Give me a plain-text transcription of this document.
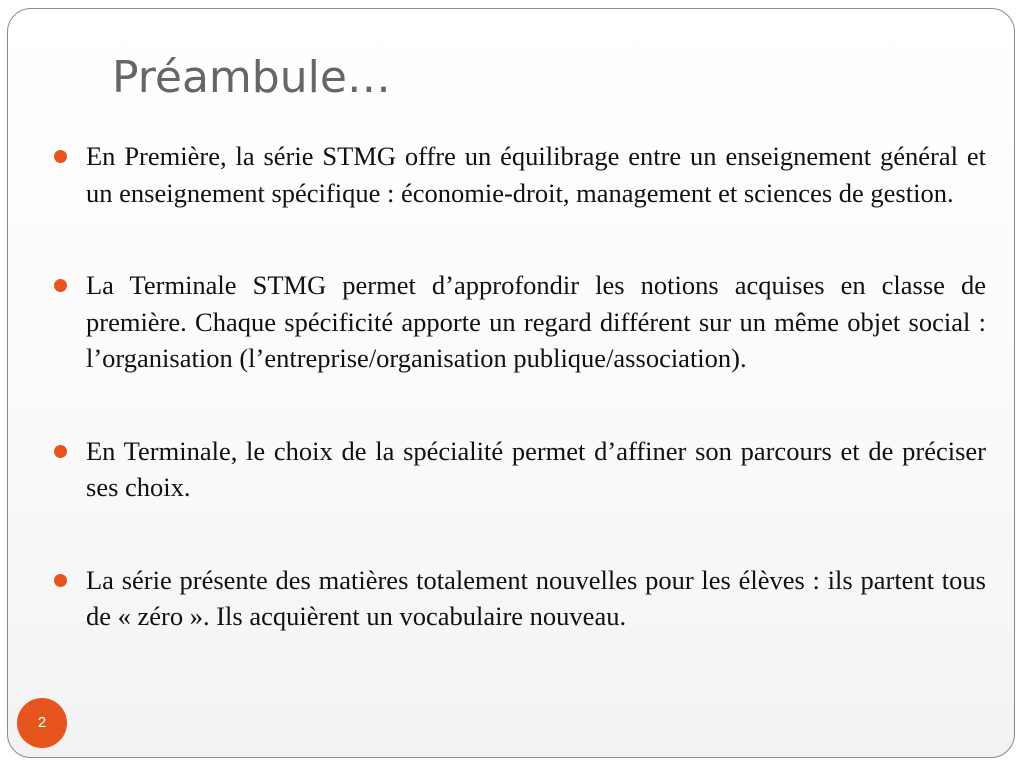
Préambule…
En Première, la série STMG offre un équilibrage entre un enseignement général et un enseignement spécifique : économie-droit, management et sciences de gestion.
La Terminale STMG permet d’approfondir les notions acquises en classe de première. Chaque spécificité apporte un regard différent sur un même objet social : l’organisation (l’entreprise/organisation publique/association).
En Terminale, le choix de la spécialité permet d’affiner son parcours et de préciser ses choix.
La série présente des matières totalement nouvelles pour les élèves : ils partent tous de « zéro ». Ils acquièrent un vocabulaire nouveau.
2
